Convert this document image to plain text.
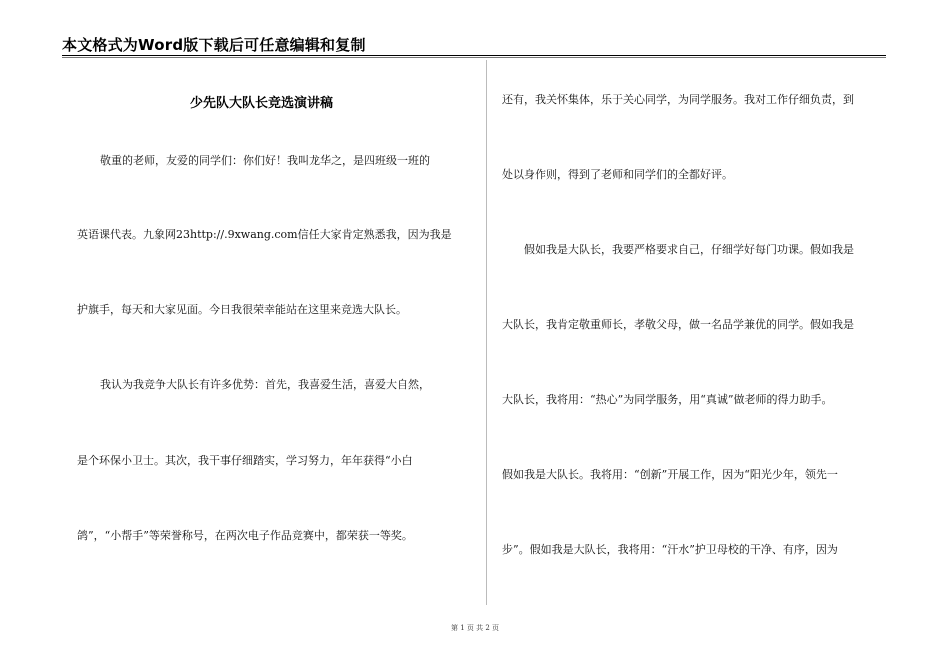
本文格式为Word版下载后可任意编辑和复制
少先队大队长竞选演讲稿
敬重的老师，友爱的同学们：你们好！我叫龙华之，是四班级一班的
英语课代表。九象网23http://.9xwang.com信任大家肯定熟悉我，因为我是
护旗手，每天和大家见面。今日我很荣幸能站在这里来竞选大队长。
我认为我竞争大队长有许多优势：首先，我喜爱生活，喜爱大自然，
是个环保小卫士。其次，我干事仔细踏实，学习努力，年年获得“小白
鸽”，“小帮手”等荣誉称号，在两次电子作品竞赛中，都荣获一等奖。
还有，我关怀集体，乐于关心同学，为同学服务。我对工作仔细负责，到
处以身作则，得到了老师和同学们的全都好评。
假如我是大队长，我要严格要求自己，仔细学好每门功课。假如我是
大队长，我肯定敬重师长，孝敬父母，做一名品学兼优的同学。假如我是
大队长，我将用：“热心”为同学服务，用“真诚”做老师的得力助手。
假如我是大队长。我将用：“创新”开展工作，因为“阳光少年，领先一
步”。假如我是大队长，我将用：“汗水”护卫母校的干净、有序，因为
第 1 页 共 2 页
